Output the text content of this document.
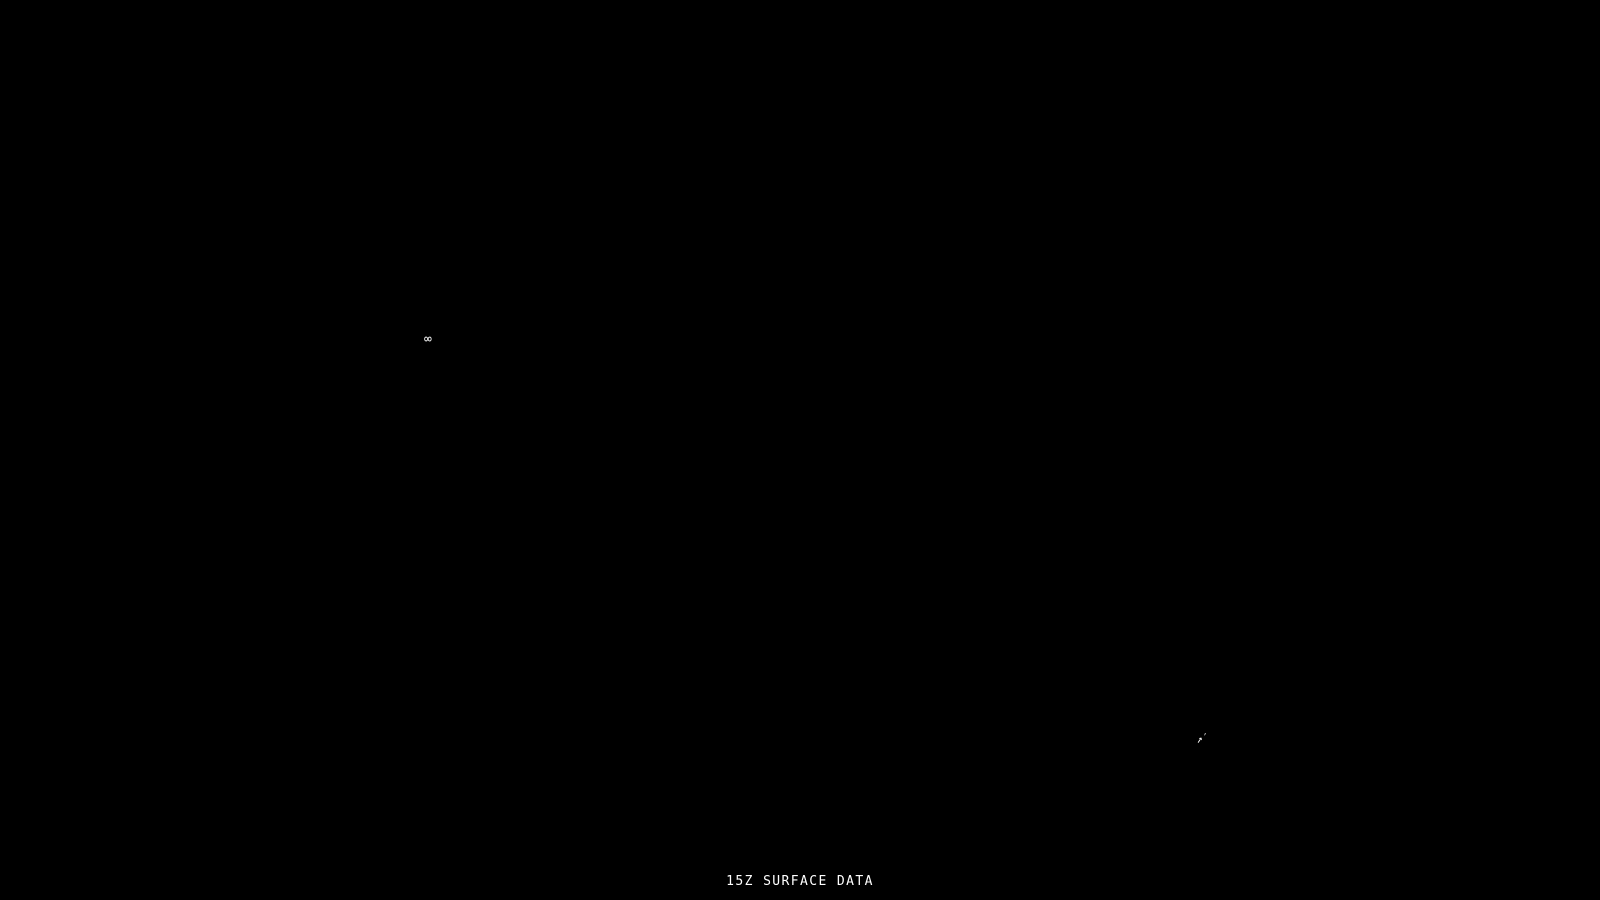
∞
↗′
15Z SURFACE DATA
